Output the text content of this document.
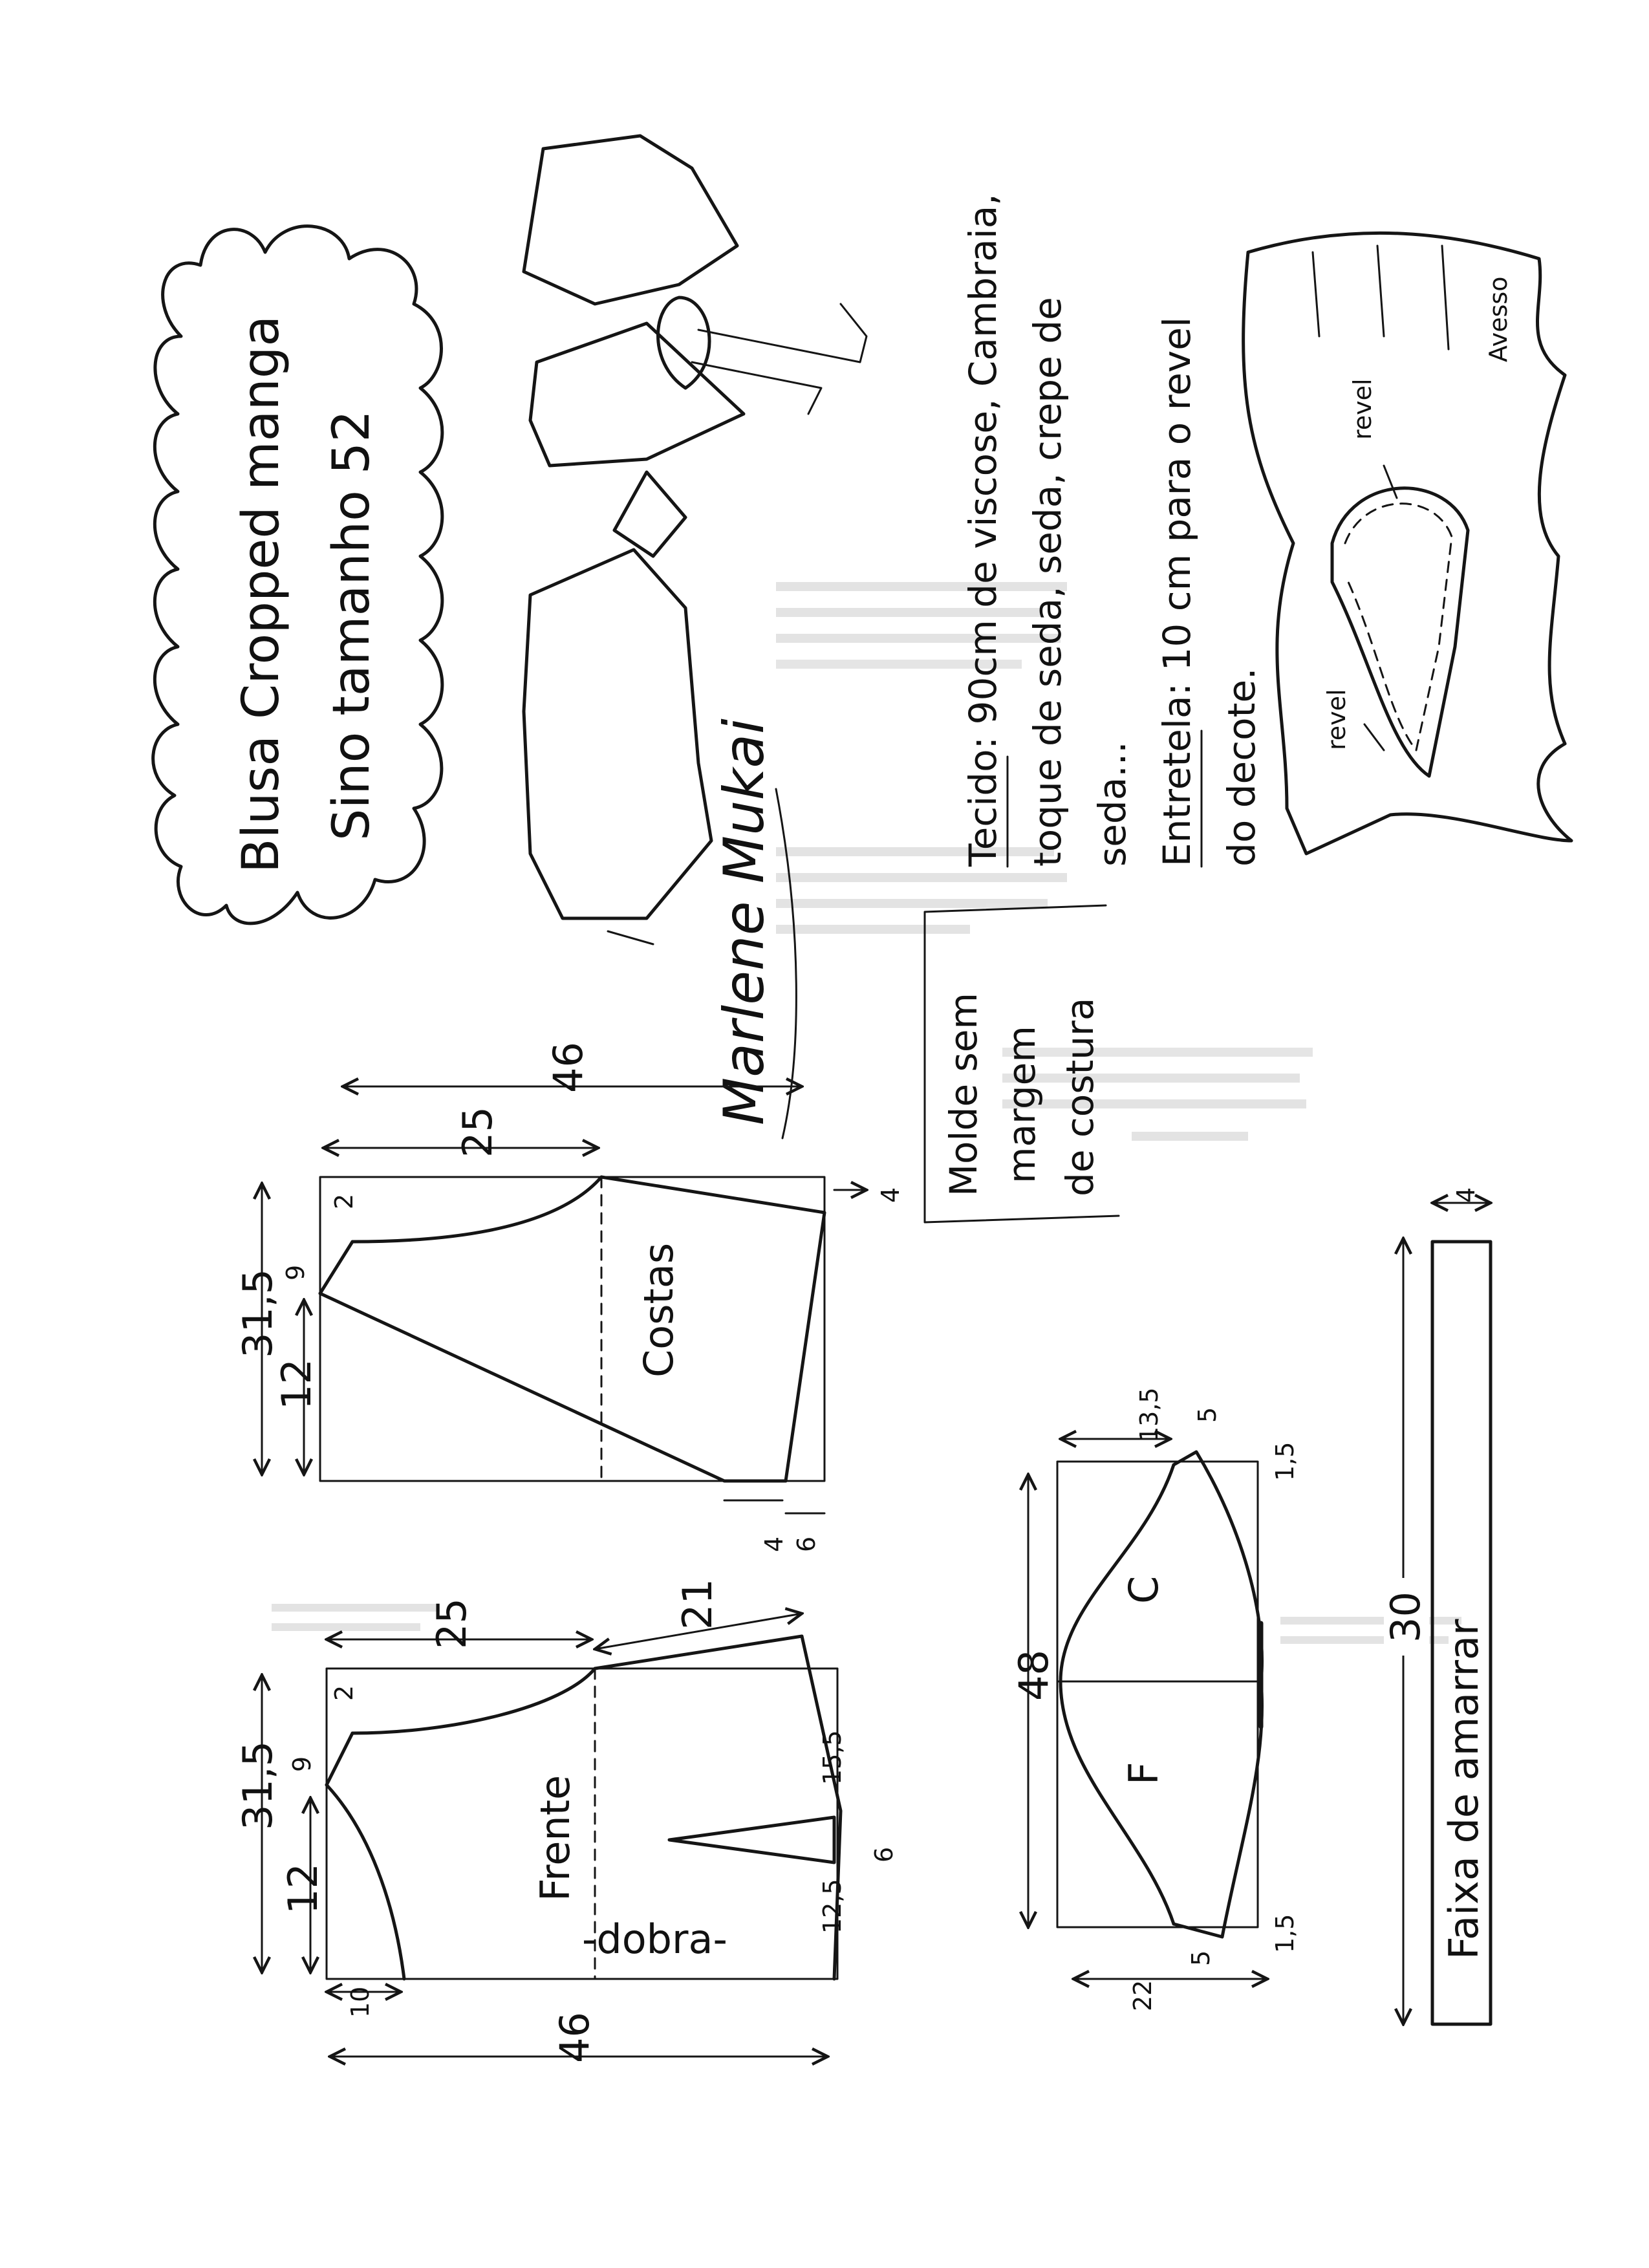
Blusa Cropped manga Sino tamanho 52
Marlene Mukai
Tecido: 90cm de viscose, Cambraia, toque de seda, seda, crepe de seda... Entretela: 10 cm para o revel do decote.
revel
revel
Avesso
Molde sem margem de costura
Costas
46
25
31,5
12
9
2	4
4 6
Frente
-dobra-
46
25	21
31,5
12
9
2
10
15,5
6
12,5
C
F
48
13,5 5
5
1,5
1,5
22
Faixa de amarrar
30
4
